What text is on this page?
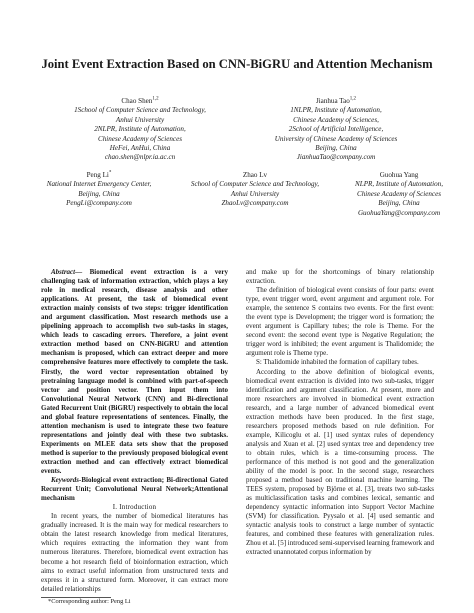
Joint Event Extraction Based on CNN-BiGRU and Attention Mechanism
Chao Shen$^{1,2}$
1School of Computer Science and Technology,
Anhui University
2NLPR, Institute of Automation,
Chinese Academy of Sciences
HeFei, AnHui, China
chao.shen@nlpr.ia.ac.cn
Jianhua Tao$^{1,2}$
1NLPR, Institute of Automation,
Chinese Academy of Sciences,
2School of Artificial Intelligence,
University of Chinese Academy of Sciences
Beijing, China
JianhuaTao@company.com
Peng Li*
National Internet Emergency Center,
Beijing, China
PengLi@company.com
Zhao Lv
School of Computer Science and Technology,
Anhui University
ZhaoLv@company.com
Guohua Yang
NLPR, Institute of Automation,
Chinese Academy of Sciences
Beijing, China
GuohuaYang@company.com

Abstract— Biomedical event extraction is a very challenging task of information extraction, which plays a key role in medical research, disease analysis and other applications. At present, the task of biomedical event extraction mainly consists of two steps: trigger identification and argument classification. Most research methods use a pipelining approach to accomplish two sub-tasks in stages, which leads to cascading errors. Therefore, a joint event extraction method based on CNN-BiGRU and attention mechanism is proposed, which can extract deeper and more comprehensive features more effectively to complete the task. Firstly, the word vector representation obtained by pretraining language model is combined with part-of-speech vector and position vector. Then input them into Convolutional Neural Network (CNN) and Bi-directional Gated Recurrent Unit (BiGRU) respectively to obtain the local and global feature representations of sentences. Finally, the attention mechanism is used to integrate these two feature representations and jointly deal with these two subtasks. Experiments on MLEE data sets show that the proposed method is superior to the previously proposed biological event extraction method and can effectively extract biomedical events.

Keywords-Biological event extraction; Bi-directional Gated Recurrent Unit; Convolutional Neural Network;Attentional mechanism

I. Introduction

In recent years, the number of biomedical literatures has gradually increased. It is the main way for medical researchers to obtain the latest research knowledge from medical literatures, which requires extracting the information they want from numerous literatures. Therefore, biomedical event extraction has become a hot research field of bioinformation extraction, which aims to extract useful information from unstructured texts and express it in a structured form. Moreover, it can extract more detailed relationships

*Corresponding author: Peng Li

and make up for the shortcomings of binary relationship extraction.

The definition of biological event consists of four parts: event type, event trigger word, event argument and argument role. For example, the sentence S contains two events. For the first event: the event type is Development; the trigger word is formation; the event argument is Capillary tubes; the role is Theme. For the second event: the second event type is Negative Regulation; the trigger word is inhibited; the event argument is Thalidomide; the argument role is Theme type.

S: Thalidomide inhabited the formation of capillary tubes.

According to the above definition of biological events, biomedical event extraction is divided into two sub-tasks, trigger identification and argument classification. At present, more and more researchers are involved in biomedical event extraction research, and a large number of advanced biomedical event extraction methods have been produced. In the first stage, researchers proposed methods based on rule definition. For example, Kilicoglu et al. [1] used syntax rules of dependency analysis and Xuan et al. [2] used syntax tree and dependency tree to obtain rules, which is a time-consuming process. The performance of this method is not good and the generalization ability of the model is poor. In the second stage, researchers proposed a method based on traditional machine learning. The TEES system, proposed by Björne et al. [3], treats two sub-tasks as multiclassification tasks and combines lexical, semantic and dependency syntactic information into Support Vector Machine (SVM) for classification. Pyysalo et al. [4] used semantic and syntactic analysis tools to construct a large number of syntactic features, and combined these features with generalization rules. Zhou et al. [5] introduced semi-supervised learning framework and extracted unannotated corpus information by
